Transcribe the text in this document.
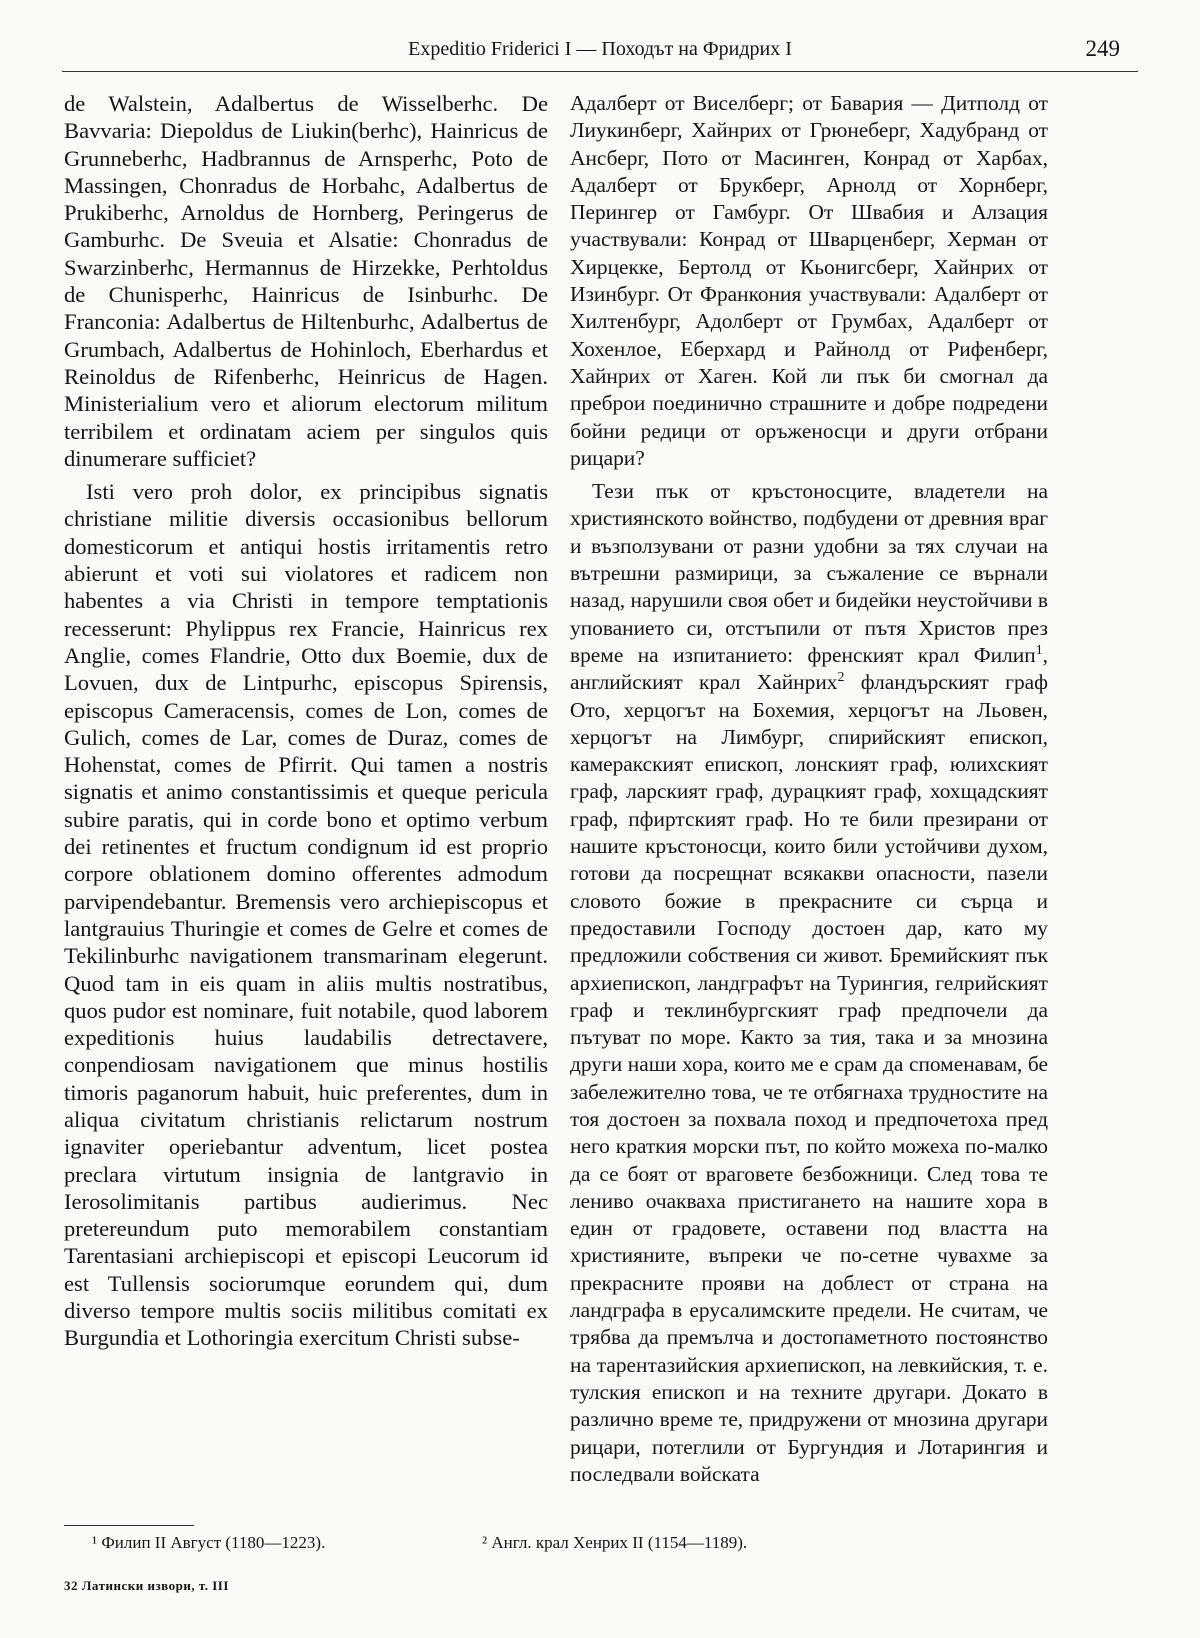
Expeditio Friderici I — Походът на Фридрих I	249

de Walstein, Adalbertus de Wisselberhc. De Bavvaria: Diepoldus de Liukin(berhc), Hainricus de Grunneberhc, Hadbrannus de Arnsperhc, Poto de Massingen, Chonradus de Horbahc, Adalbertus de Prukiberhc, Arnoldus de Hornberg, Peringerus de Gamburhc. De Sveuia et Alsatie: Chonradus de Swarzinberhc, Hermannus de Hirzekke, Perhtoldus de Chunisperhc, Hainricus de Isinburhc. De Franconia: Adalbertus de Hiltenburhc, Adalbertus de Grumbach, Adalbertus de Hohinloch, Eberhardus et Reinoldus de Rifenberhc, Heinricus de Hagen. Ministerialium vero et aliorum electorum militum terribilem et ordinatam aciem per singulos quis dinumerare sufficiet?

Isti vero proh dolor, ex principibus signatis christiane militie diversis occasionibus bellorum domesticorum et antiqui hostis irritamentis retro abierunt et voti sui violatores et radicem non habentes a via Christi in tempore temptationis recesserunt: Phylippus rex Francie, Hainricus rex Anglie, comes Flandrie, Otto dux Boemie, dux de Lovuen, dux de Lintpurhc, episcopus Spirensis, episcopus Cameracensis, comes de Lon, comes de Gulich, comes de Lar, comes de Duraz, comes de Hohenstat, comes de Pfirrit. Qui tamen a nostris signatis et animo constantissimis et queque pericula subire paratis, qui in corde bono et optimo verbum dei retinentes et fructum condignum id est proprio corpore oblationem domino offerentes admodum parvipendebantur. Bremensis vero archiepiscopus et lantgrauius Thuringie et comes de Gelre et comes de Tekilinburhc navigationem transmarinam elegerunt. Quod tam in eis quam in aliis multis nostratibus, quos pudor est nominare, fuit notabile, quod laborem expeditionis huius laudabilis detrectavere, conpendiosam navigationem que minus hostilis timoris paganorum habuit, huic preferentes, dum in aliqua civitatum christianis relictarum nostrum ignaviter operiebantur adventum, licet postea preclara virtutum insignia de lantgravio in Ierosolimitanis partibus audierimus. Nec pretereundum puto memorabilem constantiam Tarentasiani archiepiscopi et episcopi Leucorum id est Tullensis sociorumque eorundem qui, dum diverso tempore multis sociis militibus comitati ex Burgundia et Lothoringia exercitum Christi subse-

Адалберт от Виселберг; от Бавария — Дитполд от Лиукинберг, Хайнрих от Грюнеберг, Хадубранд от Ансберг, Пото от Масинген, Конрад от Харбах, Адалберт от Брукберг, Арнолд от Хорнберг, Перингер от Гамбург. От Швабия и Алзация участвували: Конрад от Шварценберг, Херман от Хирцекке, Бертолд от Кьонигсберг, Хайнрих от Изинбург. От Франкония участвували: Адалберт от Хилтенбург, Адолберт от Грумбах, Адалберт от Хохенлое, Еберхард и Райнолд от Рифенберг, Хайнрих от Хаген. Кой ли пък би смогнал да преброи поединично страшните и добре подредени бойни редици от оръженосци и други отбрани рицари?

Тези пък от кръстоносците, владетели на християнското войнство, подбудени от древния враг и възползувани от разни удобни за тях случаи на вътрешни размирици, за съжаление се върнали назад, нарушили своя обет и бидейки неустойчиви в упованието си, отстъпили от пътя Христов през време на изпитанието: френският крал Филип$^1$, английският крал Хайнрих$^2$ фландърският граф Ото, херцогът на Бохемия, херцогът на Льовен, херцогът на Лимбург, спирийският епископ, камеракският епископ, лонският граф, юлихският граф, ларският граф, дурацкият граф, хохщадският граф, пфиртският граф. Но те били презирани от нашите кръстоносци, които били устойчиви духом, готови да посрещнат всякакви опасности, пазели словото божие в прекрасните си сърца и предоставили Господу достоен дар, като му предложили собствения си живот. Бремийският пък архиепископ, ландграфът на Турингия, гелрийският граф и теклинбургският граф предпочели да пътуват по море. Както за тия, така и за мнозина други наши хора, които ме е срам да споменавам, бе забележително това, че те отбягнаха трудностите на тоя достоен за похвала поход и предпочетоха пред него краткия морски път, по който можеха по-малко да се боят от враговете безбожници. След това те лениво очакваха пристигането на нашите хора в един от градовете, оставени под властта на християните, въпреки че по-сетне чувахме за прекрасните прояви на доблест от страна на ландграфа в ерусалимските предели. Не считам, че трябва да премълча и достопаметното постоянство на тарентазийския архиепископ, на левкийския, т. е. тулския епископ и на техните другари. Докато в различно време те, придружени от мнозина другари рицари, потеглили от Бургундия и Лотарингия и последвали войската

¹ Филип II Август (1180—1223).	² Англ. крал Хенрих II (1154—1189).
32 Латински извори, т. III
